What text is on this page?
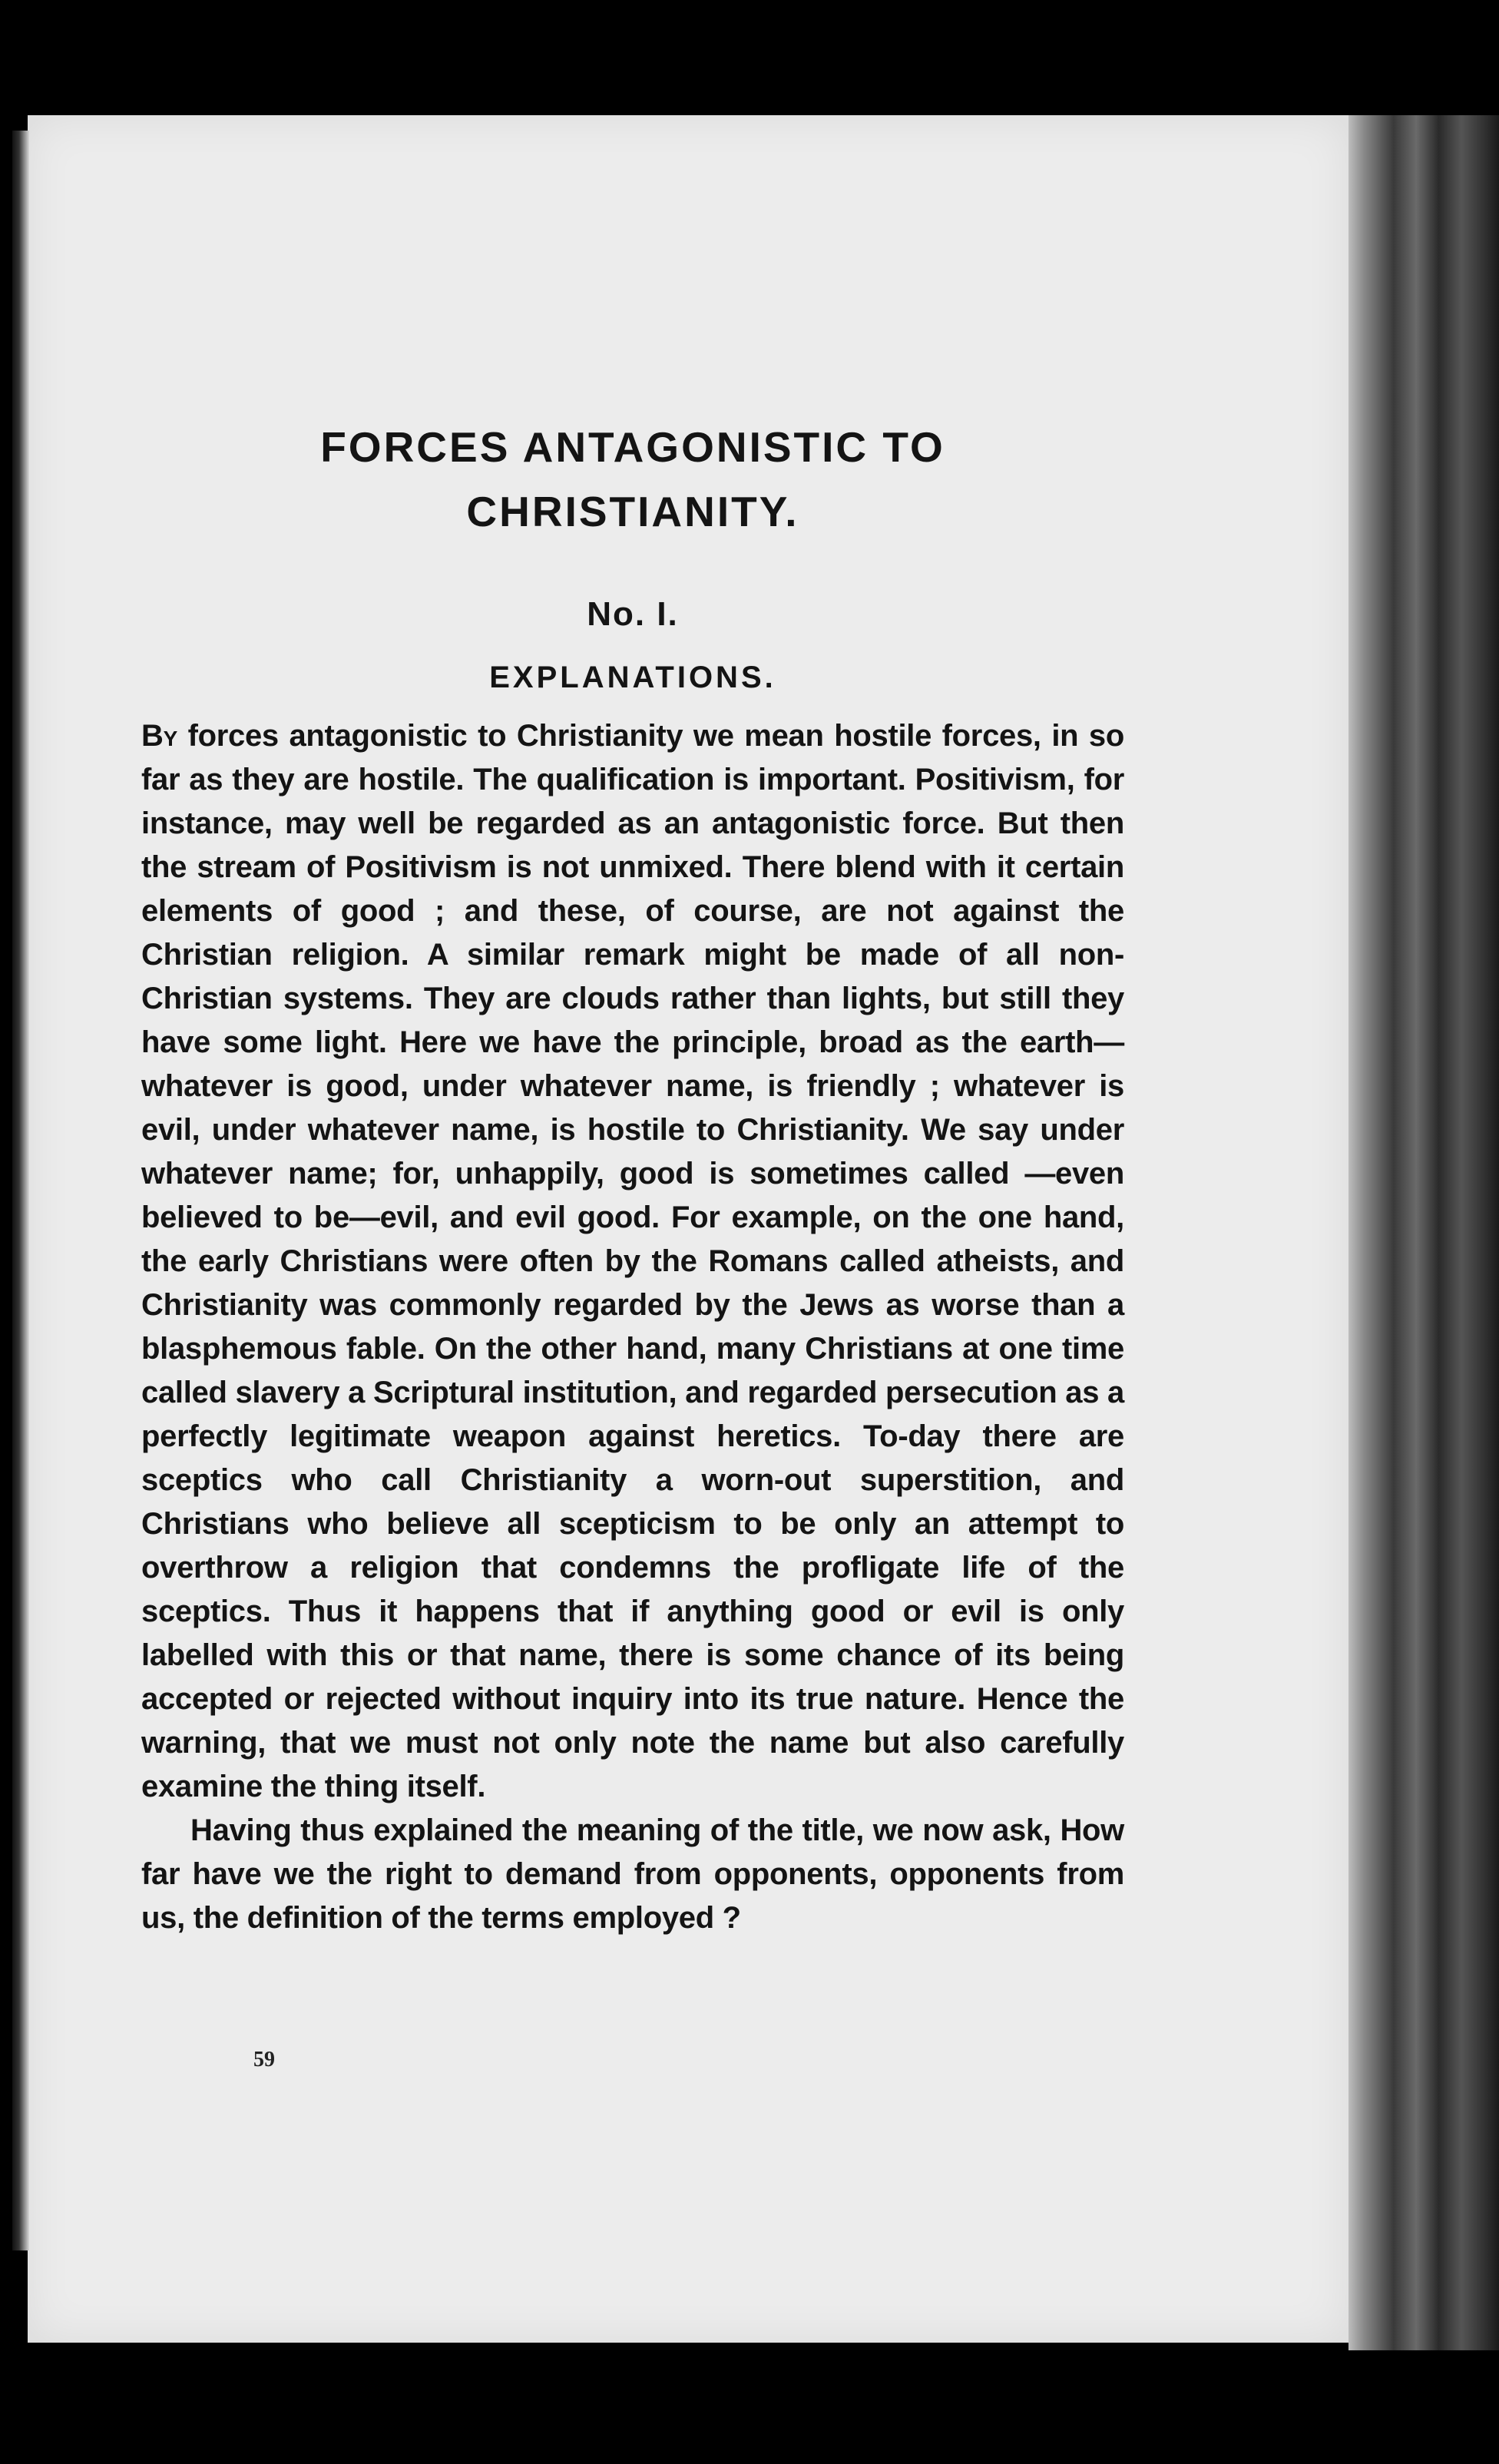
FORCES ANTAGONISTIC TO
CHRISTIANITY.

No. I.

EXPLANATIONS.

By forces antagonistic to Christianity we mean hostile forces, in so far as they are hostile. The qualification is important. Positivism, for instance, may well be regarded as an antagonistic force. But then the stream of Positivism is not unmixed. There blend with it certain elements of good ; and these, of course, are not against the Christian religion. A similar remark might be made of all non-Christian systems. They are clouds rather than lights, but still they have some light. Here we have the principle, broad as the earth—whatever is good, under whatever name, is friendly ; whatever is evil, under whatever name, is hostile to Christianity. We say under whatever name; for, unhappily, good is sometimes called —even believed to be—evil, and evil good. For example, on the one hand, the early Christians were often by the Romans called atheists, and Christianity was commonly regarded by the Jews as worse than a blasphemous fable. On the other hand, many Christians at one time called slavery a Scriptural institution, and regarded persecution as a perfectly legitimate weapon against heretics. To-day there are sceptics who call Christianity a worn-out superstition, and Christians who believe all scepticism to be only an attempt to overthrow a religion that condemns the profligate life of the sceptics. Thus it happens that if anything good or evil is only labelled with this or that name, there is some chance of its being accepted or rejected without inquiry into its true nature. Hence the warning, that we must not only note the name but also carefully examine the thing itself.

Having thus explained the meaning of the title, we now ask, How far have we the right to demand from opponents, opponents from us, the definition of the terms employed ?

59
